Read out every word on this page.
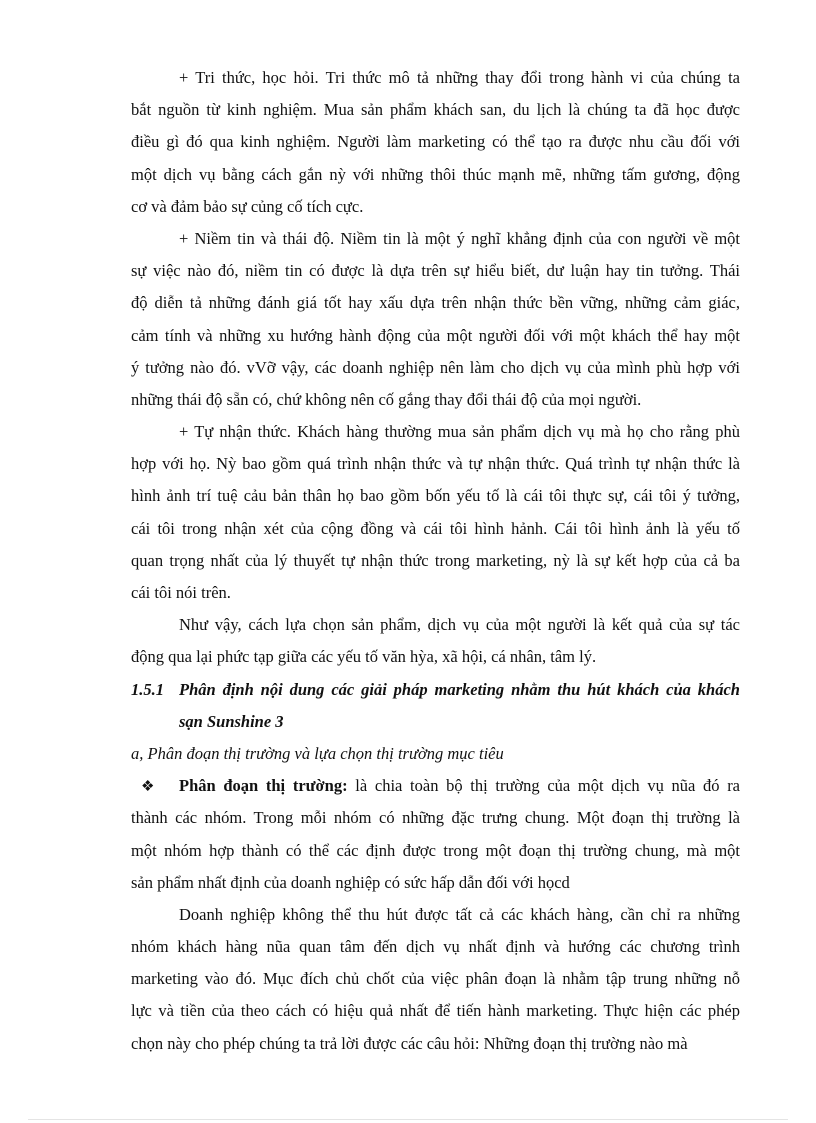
+ Tri thức, học hỏi. Tri thức mô tả những thay đổi trong hành vi của chúng ta
bắt nguồn từ kinh nghiệm. Mua sản phẩm khách san, du lịch là chúng ta đã học được
điều gì đó qua kinh nghiệm. Người làm marketing có thể tạo ra được nhu cầu đối với
một dịch vụ bằng cách gắn nỳ với những thôi thúc mạnh mẽ, những tấm gương, động
cơ và đảm bảo sự củng cố tích cực.
+ Niềm tin và thái độ. Niềm tin là một ý nghĩ khẳng định của con người về một
sự việc nào đó, niềm tin có được là dựa trên sự hiểu biết, dư luận hay tin tưởng. Thái
độ diễn tả những đánh giá tốt hay xấu dựa trên nhận thức bền vững, những cảm giác,
cảm tính và những xu hướng hành động của một người đối với một khách thể hay một
ý tưởng nào đó. vVỡ vậy, các doanh nghiệp nên làm cho dịch vụ của mình phù hợp với
những thái độ sẵn có, chứ không nên cố gắng thay đổi thái độ của mọi người.
+ Tự nhận thức. Khách hàng thường mua sản phẩm dịch vụ mà họ cho rằng phù
hợp với họ. Nỳ bao gồm quá trình nhận thức và tự nhận thức. Quá trình tự nhận thức là
hình ảnh trí tuệ cảu bản thân họ bao gồm bốn yếu tố là cái tôi thực sự, cái tôi ý tưởng,
cái tôi trong nhận xét của cộng đồng và cái tôi hình hảnh. Cái tôi hình ảnh là yếu tố
quan trọng nhất của lý thuyết tự nhận thức trong marketing, nỳ là sự kết hợp của cả ba
cái tôi nói trên.
Như vậy, cách lựa chọn sản phẩm, dịch vụ của một người là kết quả của sự tác
động qua lại phức tạp giữa các yếu tố văn hỳa, xã hội, cá nhân, tâm lý.
1.5.1 Phân định nội dung các giải pháp marketing nhằm thu hút khách của khách
sạn Sunshine 3
a, Phân đoạn thị trường và lựa chọn thị trường mục tiêu
❖ Phân đoạn thị trường: là chia toàn bộ thị trường của một dịch vụ nũa đó ra
thành các nhóm. Trong mỗi nhóm có những đặc trưng chung. Một đoạn thị trường là
một nhóm hợp thành có thể các định được trong một đoạn thị trường chung, mà một
sản phẩm nhất định của doanh nghiệp có sức hấp dẫn đối với họcd
Doanh nghiệp không thể thu hút được tất cả các khách hàng, cần chỉ ra những
nhóm khách hàng nũa quan tâm đến dịch vụ nhất định và hướng các chương trình
marketing vào đó. Mục đích chủ chốt của việc phân đoạn là nhằm tập trung những nỗ
lực và tiền của theo cách có hiệu quả nhất để tiến hành marketing. Thực hiện các phép
chọn này cho phép chúng ta trả lời được các câu hỏi: Những đoạn thị trường nào mà
